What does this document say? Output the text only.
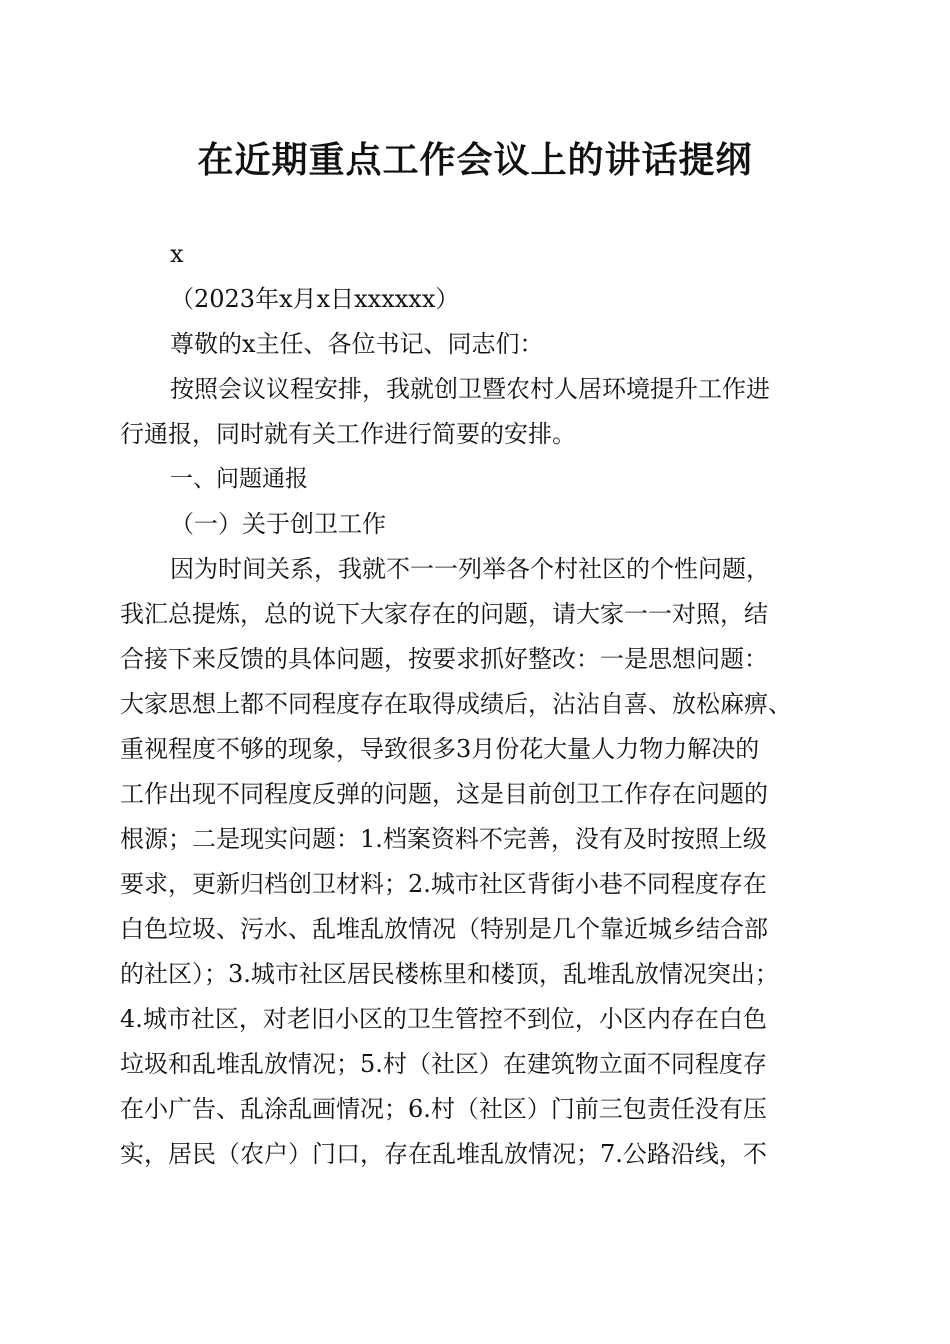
在近期重点工作会议上的讲话提纲
x
（2023年x月x日xxxxxx）
尊敬的x主任、各位书记、同志们：
按照会议议程安排，我就创卫暨农村人居环境提升工作进
行通报，同时就有关工作进行简要的安排。
一、问题通报
（一）关于创卫工作
因为时间关系，我就不一一列举各个村社区的个性问题，
我汇总提炼，总的说下大家存在的问题，请大家一一对照，结
合接下来反馈的具体问题，按要求抓好整改：一是思想问题：
大家思想上都不同程度存在取得成绩后，沾沾自喜、放松麻痹、
重视程度不够的现象，导致很多3月份花大量人力物力解决的
工作出现不同程度反弹的问题，这是目前创卫工作存在问题的
根源；二是现实问题：1.档案资料不完善，没有及时按照上级
要求，更新归档创卫材料；2.城市社区背街小巷不同程度存在
白色垃圾、污水、乱堆乱放情况（特别是几个靠近城乡结合部
的社区）；3.城市社区居民楼栋里和楼顶，乱堆乱放情况突出；
4.城市社区，对老旧小区的卫生管控不到位，小区内存在白色
垃圾和乱堆乱放情况；5.村（社区）在建筑物立面不同程度存
在小广告、乱涂乱画情况；6.村（社区）门前三包责任没有压
实，居民（农户）门口，存在乱堆乱放情况；7.公路沿线，不
